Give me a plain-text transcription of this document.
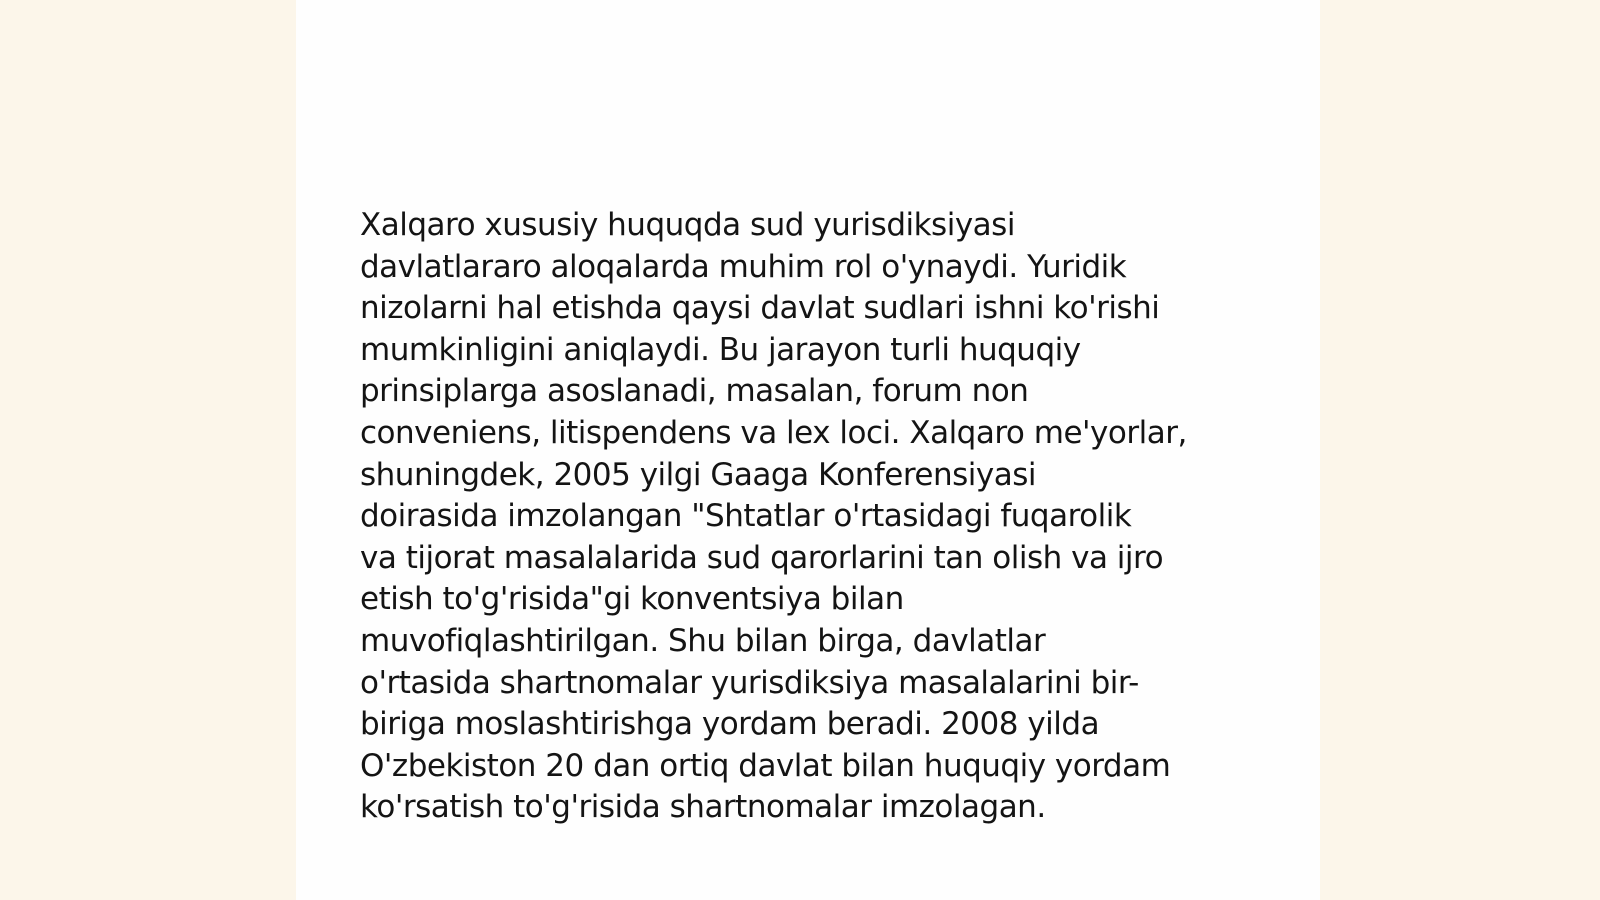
Xalqaro xususiy huquqda sud yurisdiksiyasi
davlatlararo aloqalarda muhim rol o'ynaydi. Yuridik
nizolarni hal etishda qaysi davlat sudlari ishni ko'rishi
mumkinligini aniqlaydi. Bu jarayon turli huquqiy
prinsiplarga asoslanadi, masalan, forum non
conveniens, litispendens va lex loci. Xalqaro me'yorlar,
shuningdek, 2005 yilgi Gaaga Konferensiyasi
doirasida imzolangan "Shtatlar o'rtasidagi fuqarolik
va tijorat masalalarida sud qarorlarini tan olish va ijro
etish to'g'risida"gi konventsiya bilan
muvofiqlashtirilgan. Shu bilan birga, davlatlar
o'rtasida shartnomalar yurisdiksiya masalalarini bir-
biriga moslashtirishga yordam beradi. 2008 yilda
O'zbekiston 20 dan ortiq davlat bilan huquqiy yordam
ko'rsatish to'g'risida shartnomalar imzolagan.
